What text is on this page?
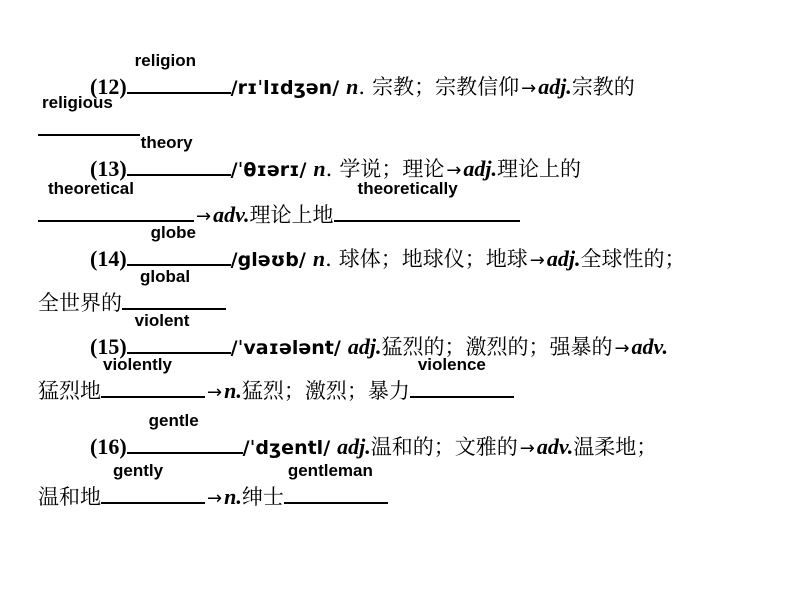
(12)
religion
/rɪˈlɪdʒən/ n. 宗教；宗教信仰 →adj.宗教的
religious
(13)
theory
/ˈθɪərɪ/ n. 学说；理论 →adj.理论上的
theoretical
→adv.理论上地
theoretically
(14)
globe
/gləʊb/ n. 球体；地球仪；地球 →adj.全球性的；
全世界的
global
(15)
violent
/ˈvaɪələnt/ adj.猛烈的；激烈的；强暴的 →adv.
猛烈地
violently
→n.猛烈；激烈；暴力
violence
(16)
gentle
/ˈdʒentl/ adj.温和的；文雅的 →adv.温柔地；
温和地
gently
→n.绅士
gentleman
